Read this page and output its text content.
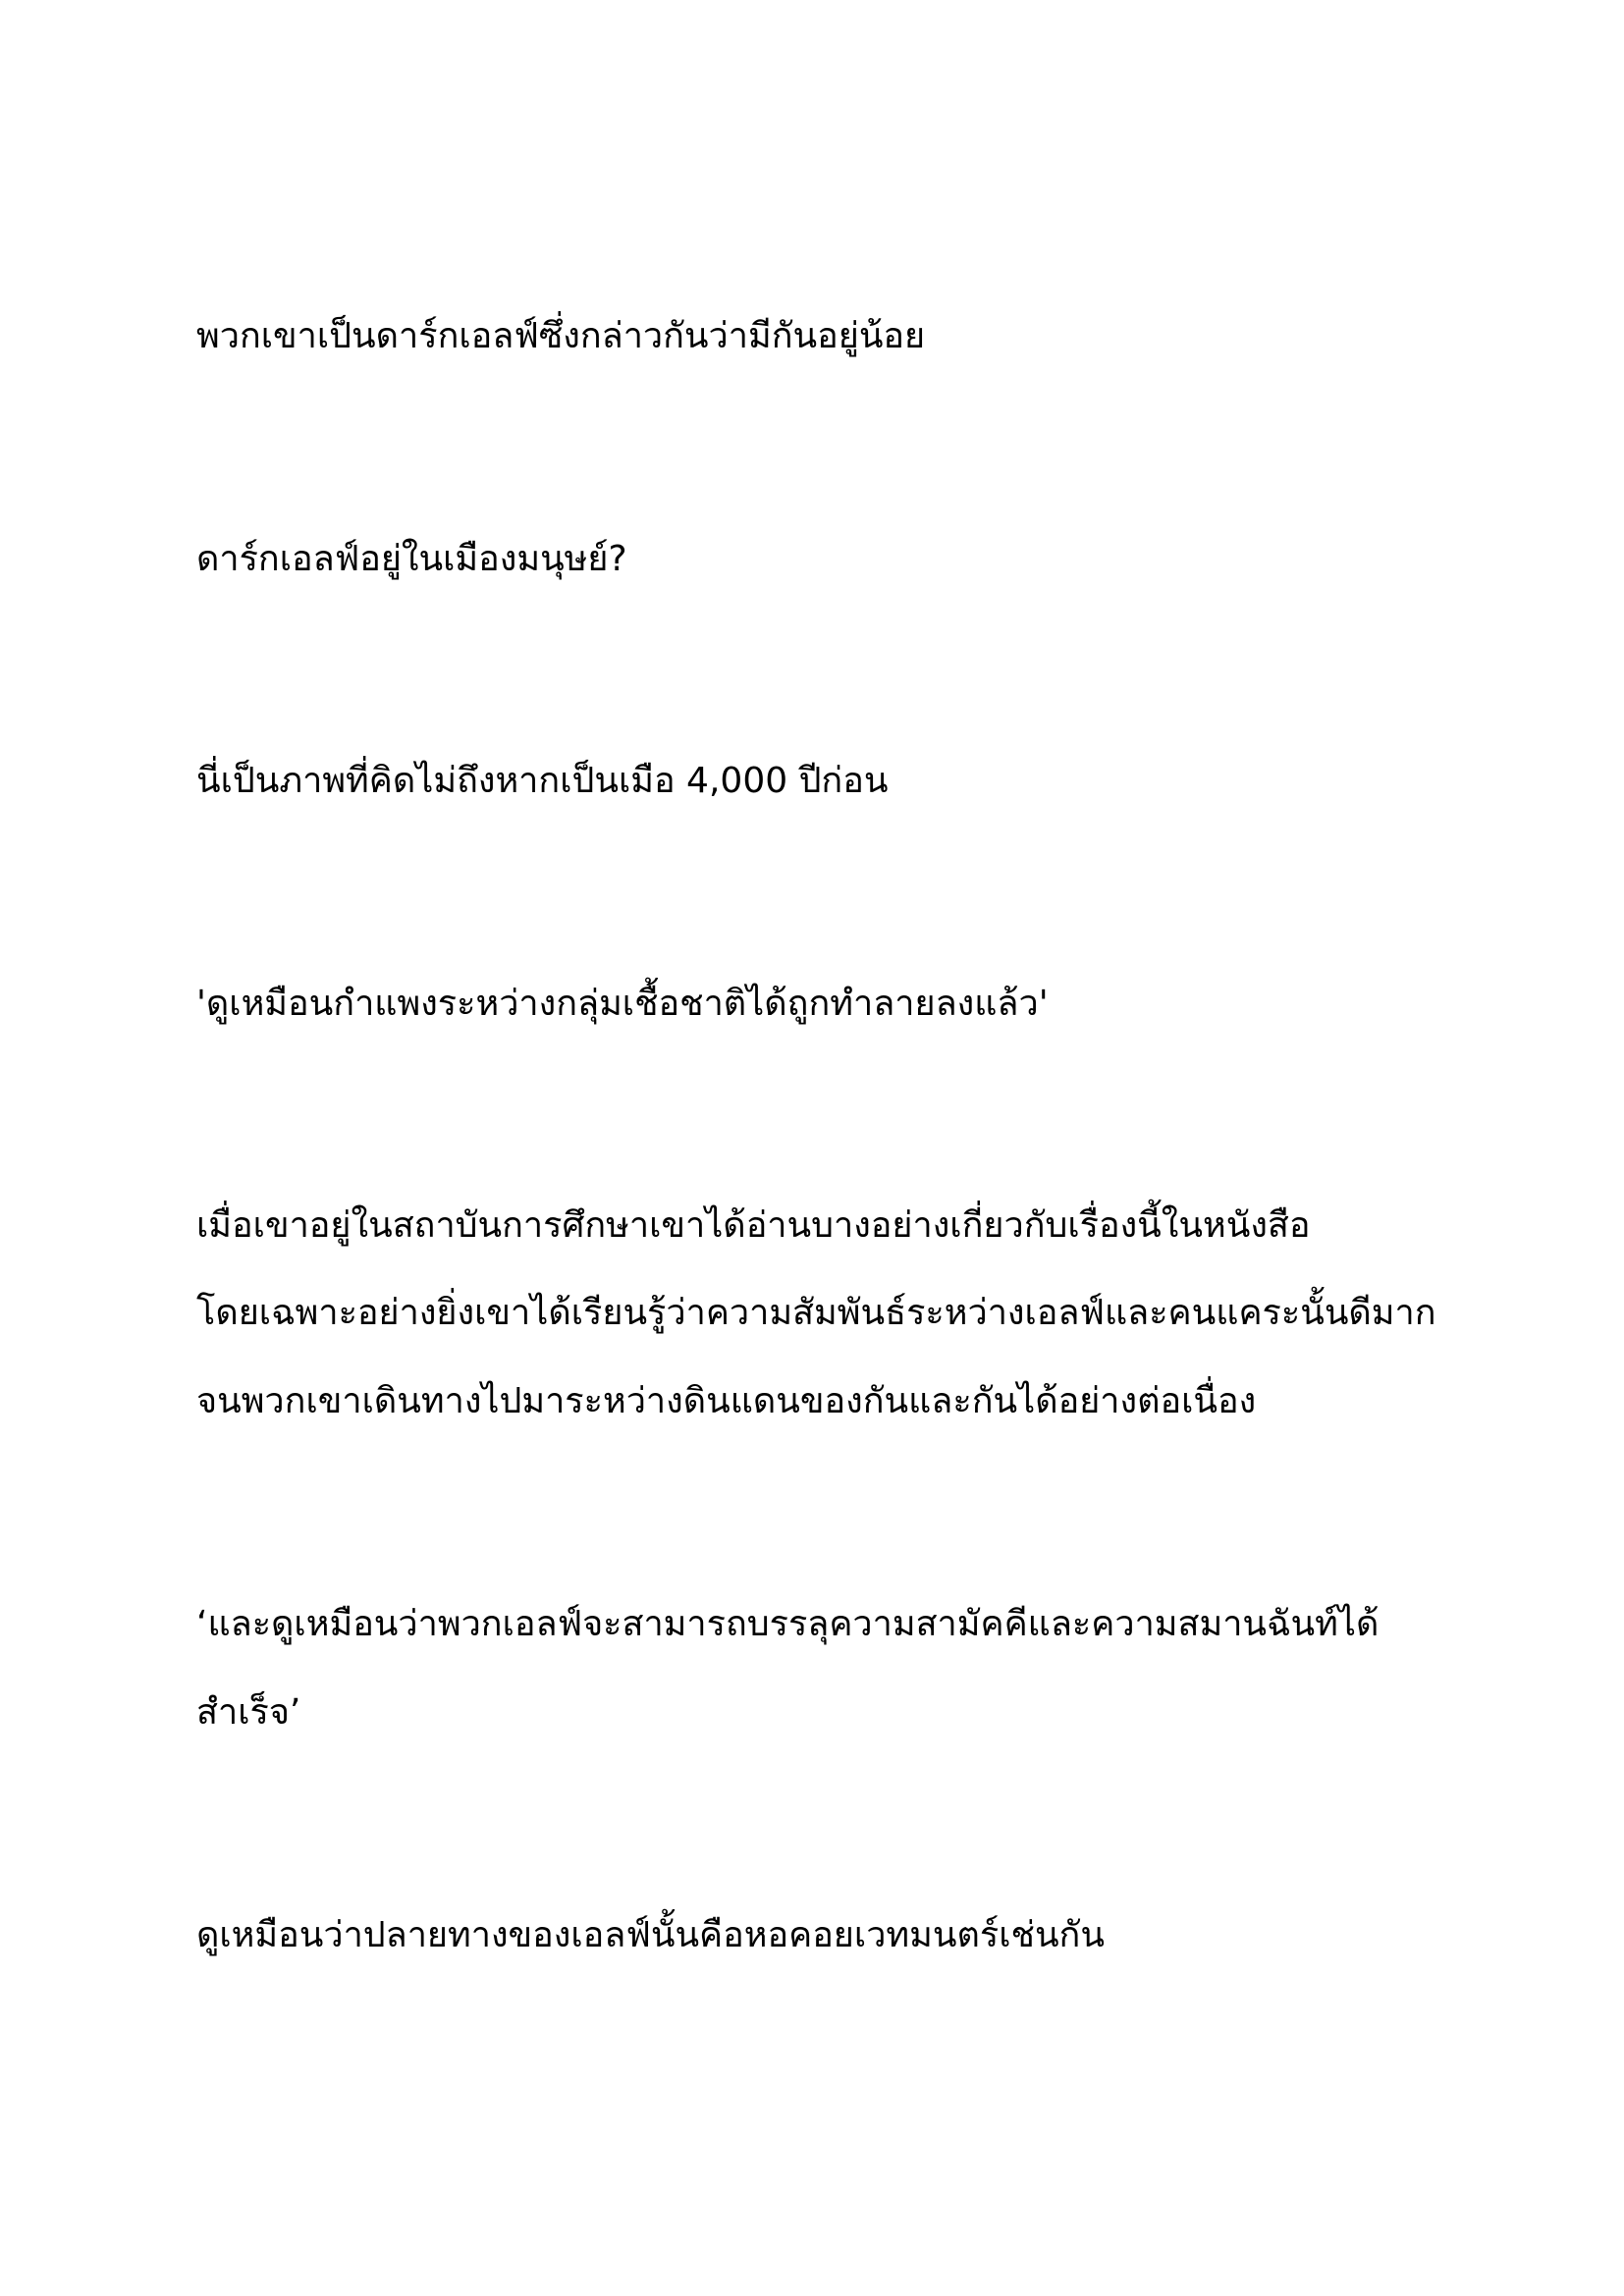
พวกเขาเป็นดาร์กเอลฟ์ซึ่งกล่าวกันว่ามีกันอยู่น้อย

ดาร์กเอลฟ์อยู่ในเมืองมนุษย์?

นี่เป็นภาพที่คิดไม่ถึงหากเป็นเมือ 4,000 ปีก่อน

'ดูเหมือนกำแพงระหว่างกลุ่มเชื้อชาติได้ถูกทำลายลงแล้ว'

เมื่อเขาอยู่ในสถาบันการศึกษาเขาได้อ่านบางอย่างเกี่ยวกับเรื่องนี้ในหนังสือ

โดยเฉพาะอย่างยิ่งเขาได้เรียนรู้ว่าความสัมพันธ์ระหว่างเอลฟ์และคนแคระนั้นดีมาก

จนพวกเขาเดินทางไปมาระหว่างดินแดนของกันและกันได้อย่างต่อเนื่อง

‘และดูเหมือนว่าพวกเอลฟ์จะสามารถบรรลุความสามัคคีและความสมานฉันท์ได้

สำเร็จ’

ดูเหมือนว่าปลายทางของเอลฟ์นั้นคือหอคอยเวทมนตร์เช่นกัน
